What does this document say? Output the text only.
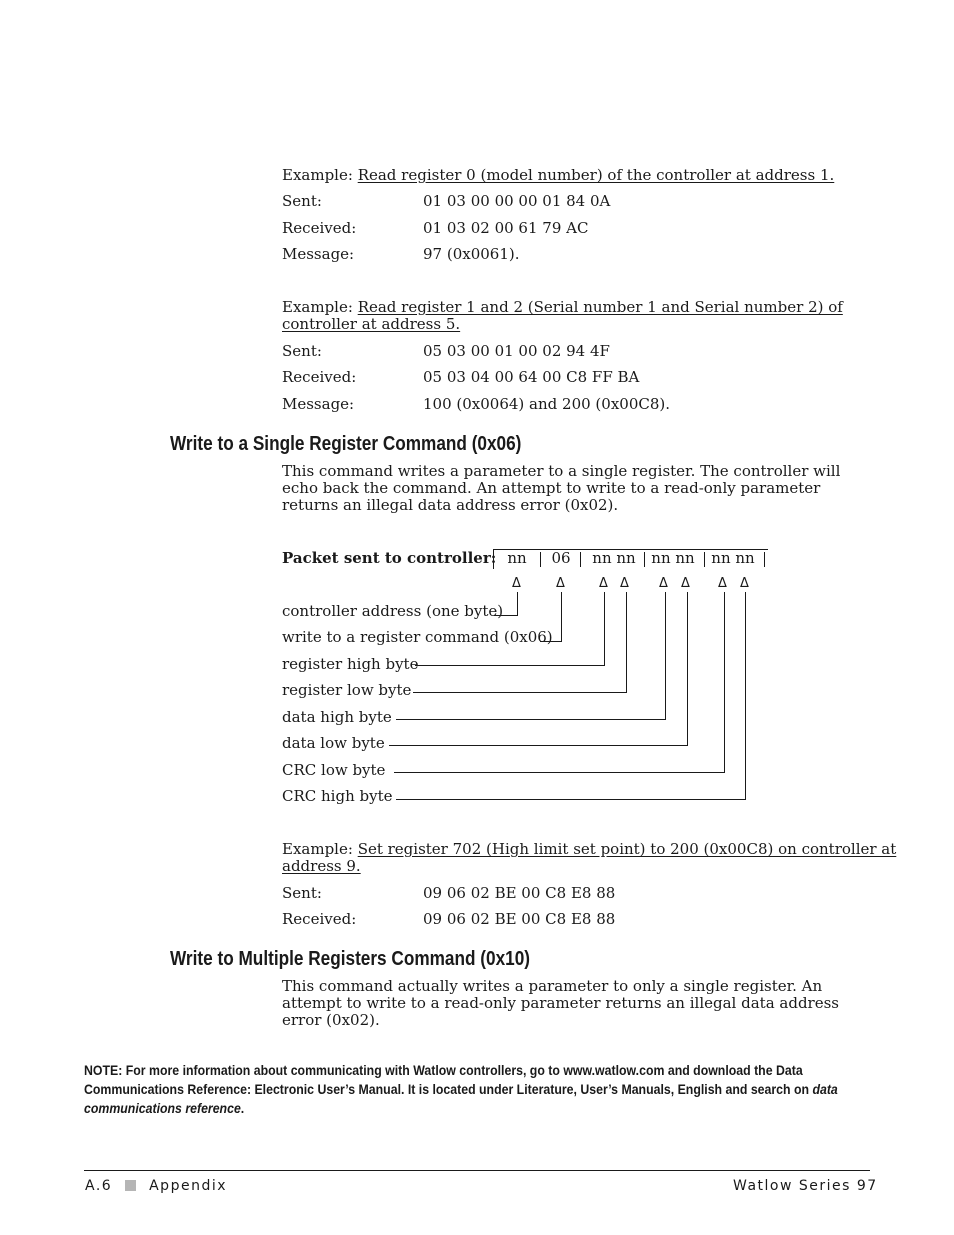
Example: Read register 0 (model number) of the controller at address 1.
Sent:	01 03 00 00 00 01 84 0A
Received:	01 03 02 00 61 79 AC
Message:	97 (0x0061).
Example: Read register 1 and 2 (Serial number 1 and Serial number 2) of
controller at address 5.
Sent:	05 03 00 01 00 02 94 4F
Received:	05 03 04 00 64 00 C8 FF BA
Message:	100 (0x0064) and 200 (0x00C8).
Write to a Single Register Command (0x06)
This command writes a parameter to a single register. The controller will echo back the command. An attempt to write to a read-only parameter returns an illegal data address error (0x02).
Packet sent to controller: nn	06	nn nn nn nn nn nn
Δ	Δ	Δ Δ Δ Δ Δ Δ
controller address (one byte)
write to a register command (0x06)
register high byte
register low byte
data high byte
data low byte
CRC low byte
CRC high byte
Example: Set register 702 (High limit set point) to 200 (0x00C8) on controller at
address 9.
Sent:	09 06 02 BE 00 C8 E8 88
Received:	09 06 02 BE 00 C8 E8 88
Write to Multiple Registers Command (0x10)
This command actually writes a parameter to only a single register. An attempt to write to a read-only parameter returns an illegal data address error (0x02).
NOTE: For more information about communicating with Watlow controllers, go to www.watlow.com and download the Data Communications Reference: Electronic User’s Manual. It is located under Literature, User’s Manuals, English and search on data communications reference.
A.6	Appendix	Watlow Series 97
